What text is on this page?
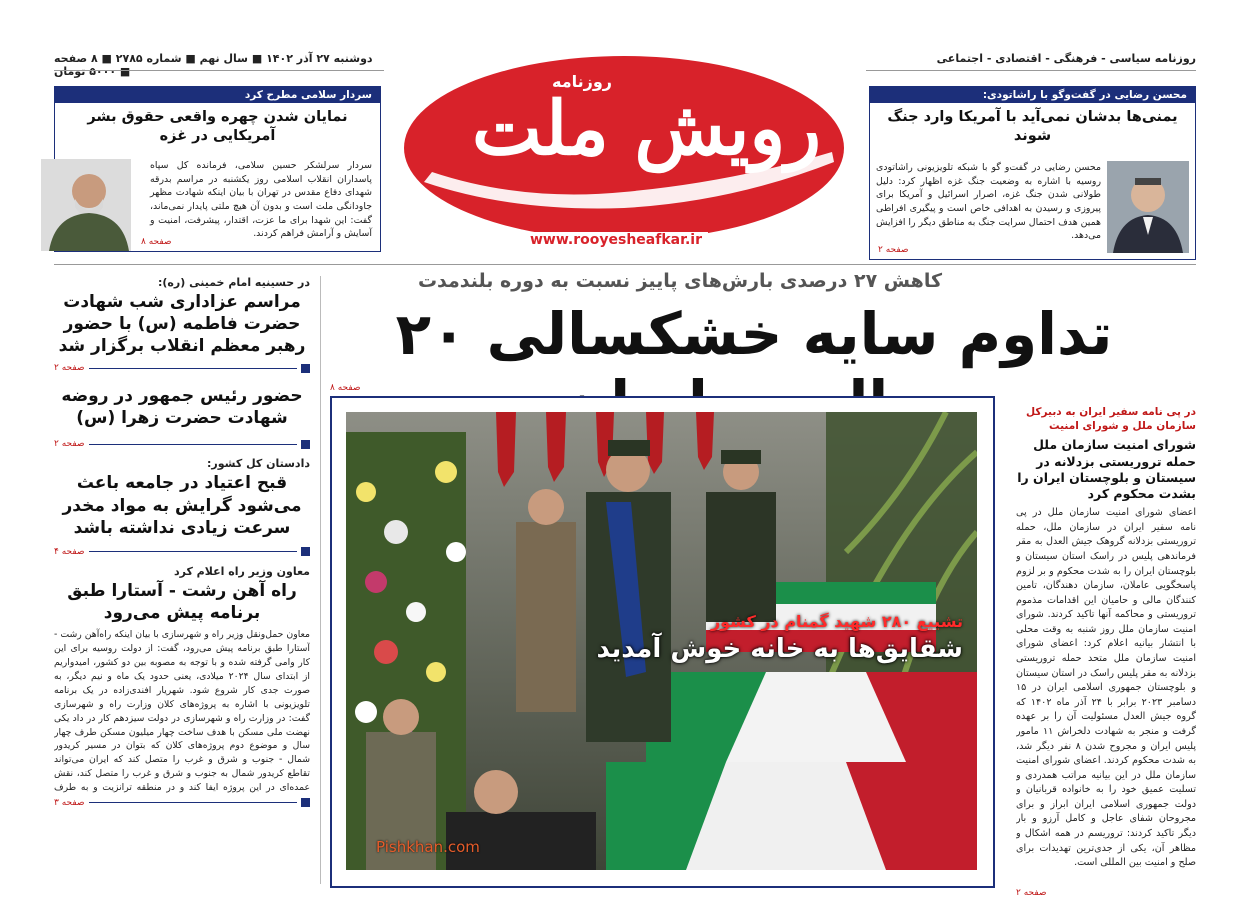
روزنامه سیاسی - فرهنگی - اقتصادی - اجتماعی
دوشنبه ۲۷ آذر ۱۴۰۲ ■ سال نهم ■ شماره ۲۷۸۵ ■ ۸ صفحه ■ ۵۰۰۰ تومان
رویش ملت
روزنامه
www.rooyesheafkar.ir
محسن رضایی در گفت‌وگو با راشاتودی:
یمنی‌ها بدشان نمی‌آید با آمریکا وارد جنگ شوند
محسن رضایی در گفت‌و گو با شبکه تلویزیونی راشاتودی روسیه با اشاره به وضعیت جنگ غزه اظهار کرد: دلیل طولانی شدن جنگ غزه، اصرار اسرائیل و آمریکا برای پیروزی و رسیدن به اهدافی خاص است و پیگیری افراطی همین هدف احتمال سرایت جنگ به مناطق دیگر را افزایش می‌دهد.
صفحه ۲
سردار سلامی مطرح کرد
نمایان شدن چهره واقعی حقوق بشر آمریکایی در غزه
سردار سرلشکر حسین سلامی، فرمانده کل سپاه پاسداران انقلاب اسلامی روز یکشنبه در مراسم بدرقه شهدای دفاع مقدس در تهران با بیان اینکه شهادت مظهر جاودانگی ملت است و بدون آن هیچ ملتی پایدار نمی‌ماند، گفت: این شهدا برای ما عزت، اقتدار، پیشرفت، امنیت و آسایش و آرامش فراهم کردند.
صفحه ۸
کاهش ۲۷ درصدی بارش‌های پاییز نسبت به دوره بلندمدت
تداوم سایه خشکسالی ۲۰
صفحه ۸
تشییع ۲۸۰ شهید گمنام در کشور
شقایق‌ها به خانه خوش آمدید
Pishkhan.com
در پی نامه سفیر ایران به دبیرکل سازمان ملل و شورای امنیت
شورای امنیت سازمان ملل حمله تروریستی بزدلانه در سیستان و بلوچستان ایران را بشدت محکوم کرد
اعضای شورای امنیت سازمان ملل در پی نامه سفیر ایران در سازمان ملل، حمله تروریستی بزدلانه گروهک جیش العدل به مقر فرماندهی پلیس در راسک استان سیستان و بلوچستان ایران را به شدت محکوم و بر لزوم پاسخگویی عاملان، سازمان دهندگان، تامین کنندگان مالی و حامیان این اقدامات مذموم تروریستی و محاکمه آنها تاکید کردند. شورای امنیت سازمان ملل روز شنبه به وقت محلی با انتشار بیانیه اعلام کرد: اعضای شورای امنیت سازمان ملل متحد حمله تروریستی بزدلانه به مقر پلیس راسک در استان سیستان و بلوچستان جمهوری اسلامی ایران در ۱۵ دسامبر ۲۰۲۳ برابر با ۲۴ آذر ماه ۱۴۰۲ که گروه جیش العدل مسئولیت آن را بر عهده گرفت و منجر به شهادت دلخراش ۱۱ مامور پلیس ایران و مجروح شدن ۸ نفر دیگر شد، به شدت محکوم کردند. اعضای شورای امنیت سازمان ملل در این بیانیه مراتب همدردی و تسلیت عمیق خود را به خانواده قربانیان و دولت جمهوری اسلامی ایران ابراز و برای مجروحان شفای عاجل و کامل آرزو و بار دیگر تاکید کردند: تروریسم در همه اشکال و مظاهر آن، یکی از جدی‌ترین تهدیدات برای صلح و امنیت بین المللی است.
صفحه ۲
در حسینیه امام خمینی (ره):
مراسم عزاداری شب شهادت حضرت فاطمه (س) با حضور رهبر معظم انقلاب برگزار شد
صفحه ۲
حضور رئیس جمهور در روضه شهادت حضرت زهرا (س)
صفحه ۲
دادستان کل کشور:
قبح اعتیاد در جامعه باعث می‌شود گرایش به مواد مخدر سرعت زیادی نداشته باشد
صفحه ۴
معاون وزیر راه اعلام کرد
راه آهن رشت - آستارا طبق برنامه پیش می‌رود
معاون حمل‌ونقل وزیر راه و شهرسازی با بیان اینکه راه‌آهن رشت - آستارا طبق برنامه پیش می‌رود، گفت: از دولت روسیه برای این کار وامی گرفته شده و با توجه به مصوبه بین دو کشور، امیدواریم از ابتدای سال ۲۰۲۴ میلادی، یعنی حدود یک ماه و نیم دیگر، به صورت جدی کار شروع شود. شهریار افندی‌زاده در یک برنامه تلویزیونی با اشاره به پروژه‌های کلان وزارت راه و شهرسازی گفت: در وزارت راه و شهرسازی در دولت سیزدهم کار در داد یکی نهضت ملی مسکن با هدف ساخت چهار میلیون مسکن طرف چهار سال و موضوع دوم پروژه‌های کلان که بتوان در مسیر کریدور شمال - جنوب و شرق و غرب را متصل کند که ایران می‌تواند تقاطع کریدور شمال به جنوب و شرق و غرب را متصل کند، نقش عمده‌ای در این پروژه ایفا کند و در منطقه ترانزیت و به طرف
صفحه ۳
